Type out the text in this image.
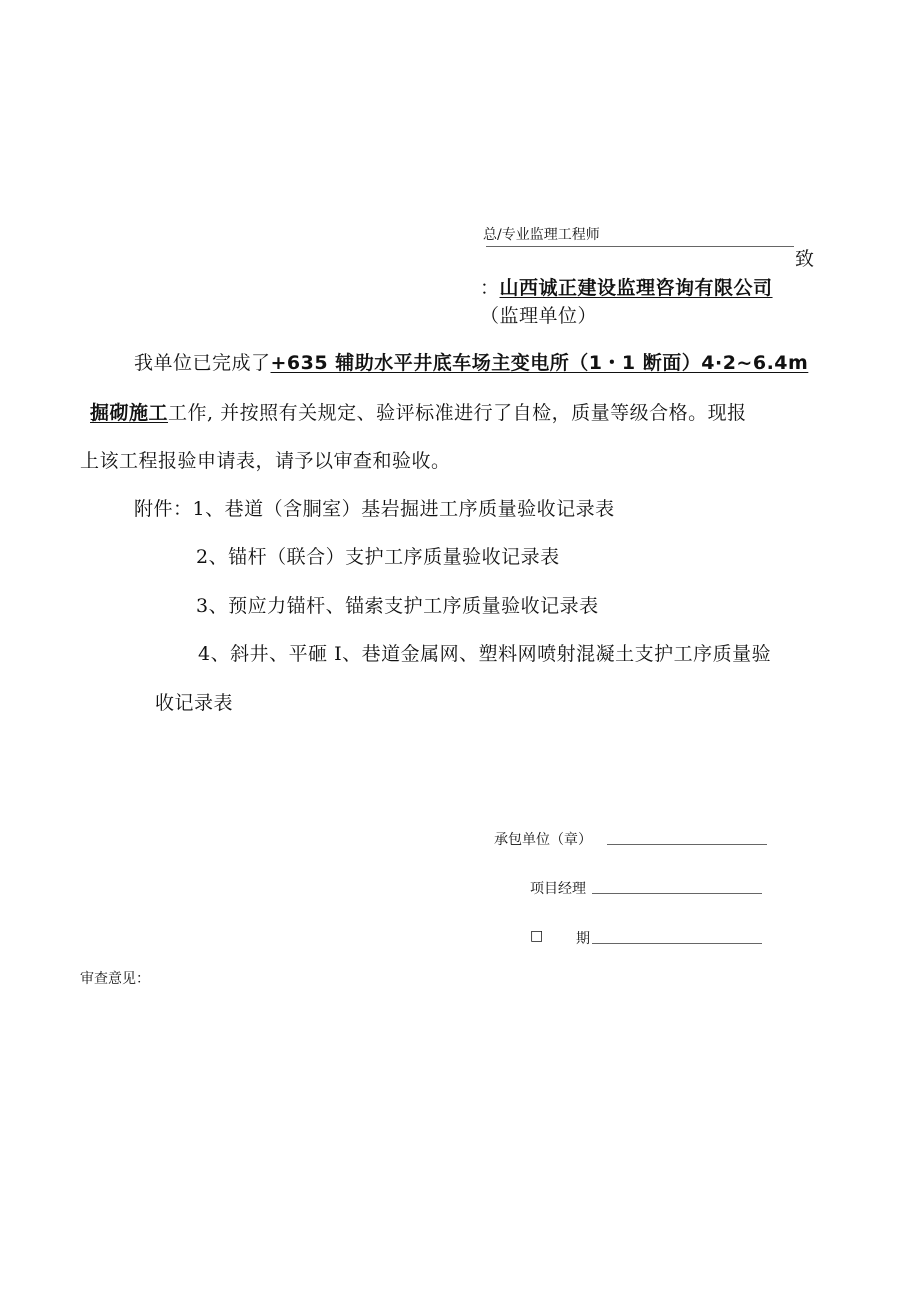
总/专业监理工程师
致
：山西诚正建设监理咨询有限公司
（监理单位）
我单位已完成了+635 辅助水平井底车场主变电所（1・1 断面）4·2~6.4m
掘砌施工工作, 并按照有关规定、验评标准进行了自检，质量等级合格。现报
上该工程报验申请表，请予以审查和验收。
附件：1、巷道（含胴室）基岩掘进工序质量验收记录表
2、锚杆（联合）支护工序质量验收记录表
3、预应力锚杆、锚索支护工序质量验收记录表
4、斜井、平砸 I、巷道金属网、塑料网喷射混凝土支护工序质量验
收记录表
承包单位（章）
项目经理
□ 期
审查意见：
